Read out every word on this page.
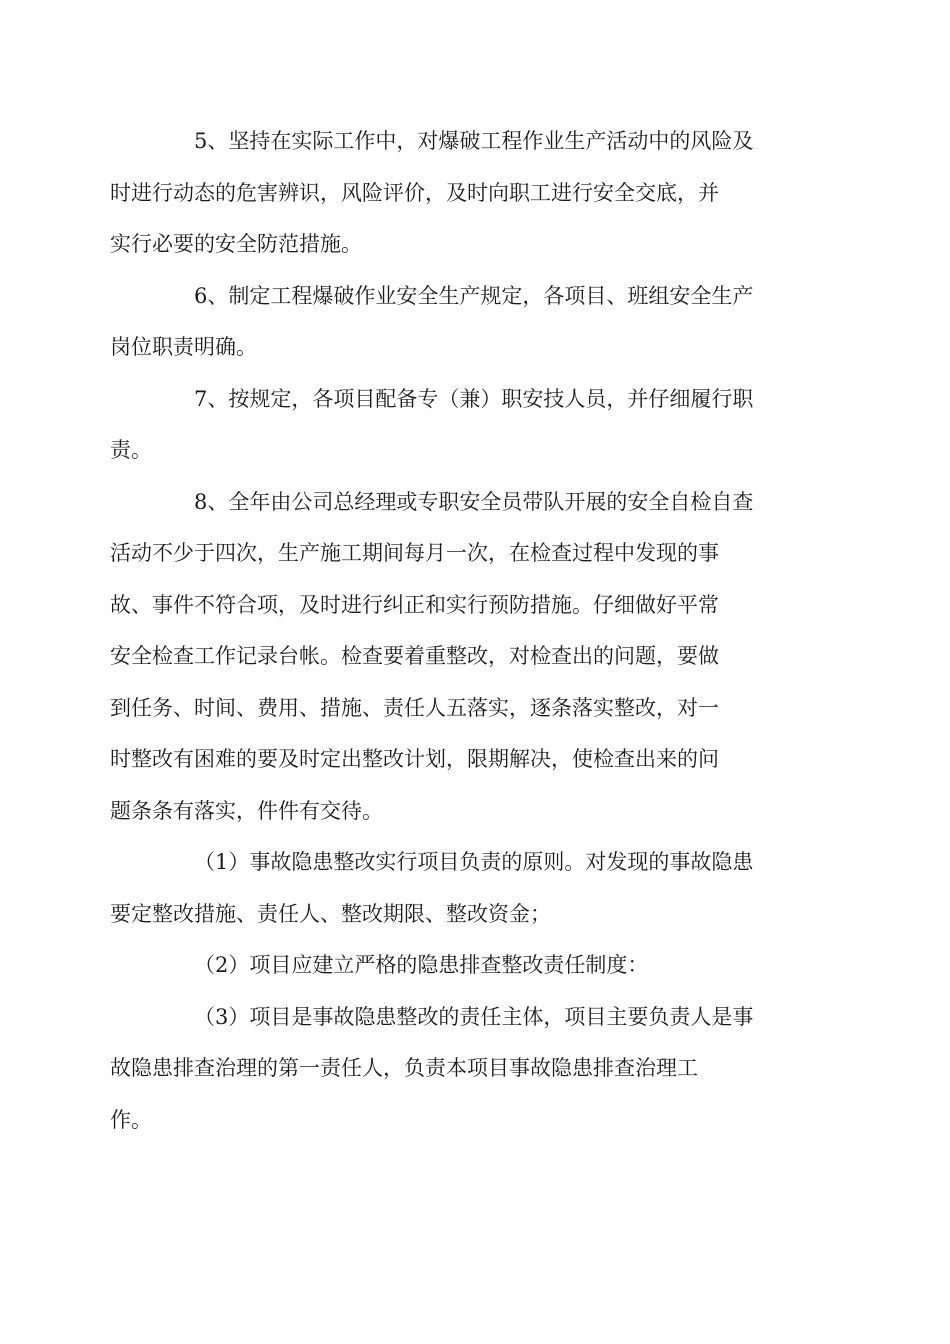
5、坚持在实际工作中，对爆破工程作业生产活动中的风险及
时进行动态的危害辨识，风险评价，及时向职工进行安全交底，并
实行必要的安全防范措施。

6、制定工程爆破作业安全生产规定，各项目、班组安全生产
岗位职责明确。

7、按规定，各项目配备专（兼）职安技人员，并仔细履行职
责。

8、全年由公司总经理或专职安全员带队开展的安全自检自查
活动不少于四次，生产施工期间每月一次，在检查过程中发现的事
故、事件不符合项，及时进行纠正和实行预防措施。仔细做好平常
安全检查工作记录台帐。检查要着重整改，对检查出的问题，要做
到任务、时间、费用、措施、责任人五落实，逐条落实整改，对一
时整改有困难的要及时定出整改计划，限期解决，使检查出来的问
题条条有落实，件件有交待。

（1）事故隐患整改实行项目负责的原则。对发现的事故隐患
要定整改措施、责任人、整改期限、整改资金；

（2）项目应建立严格的隐患排查整改责任制度：

（3）项目是事故隐患整改的责任主体，项目主要负责人是事
故隐患排查治理的第一责任人，负责本项目事故隐患排查治理工
作。
